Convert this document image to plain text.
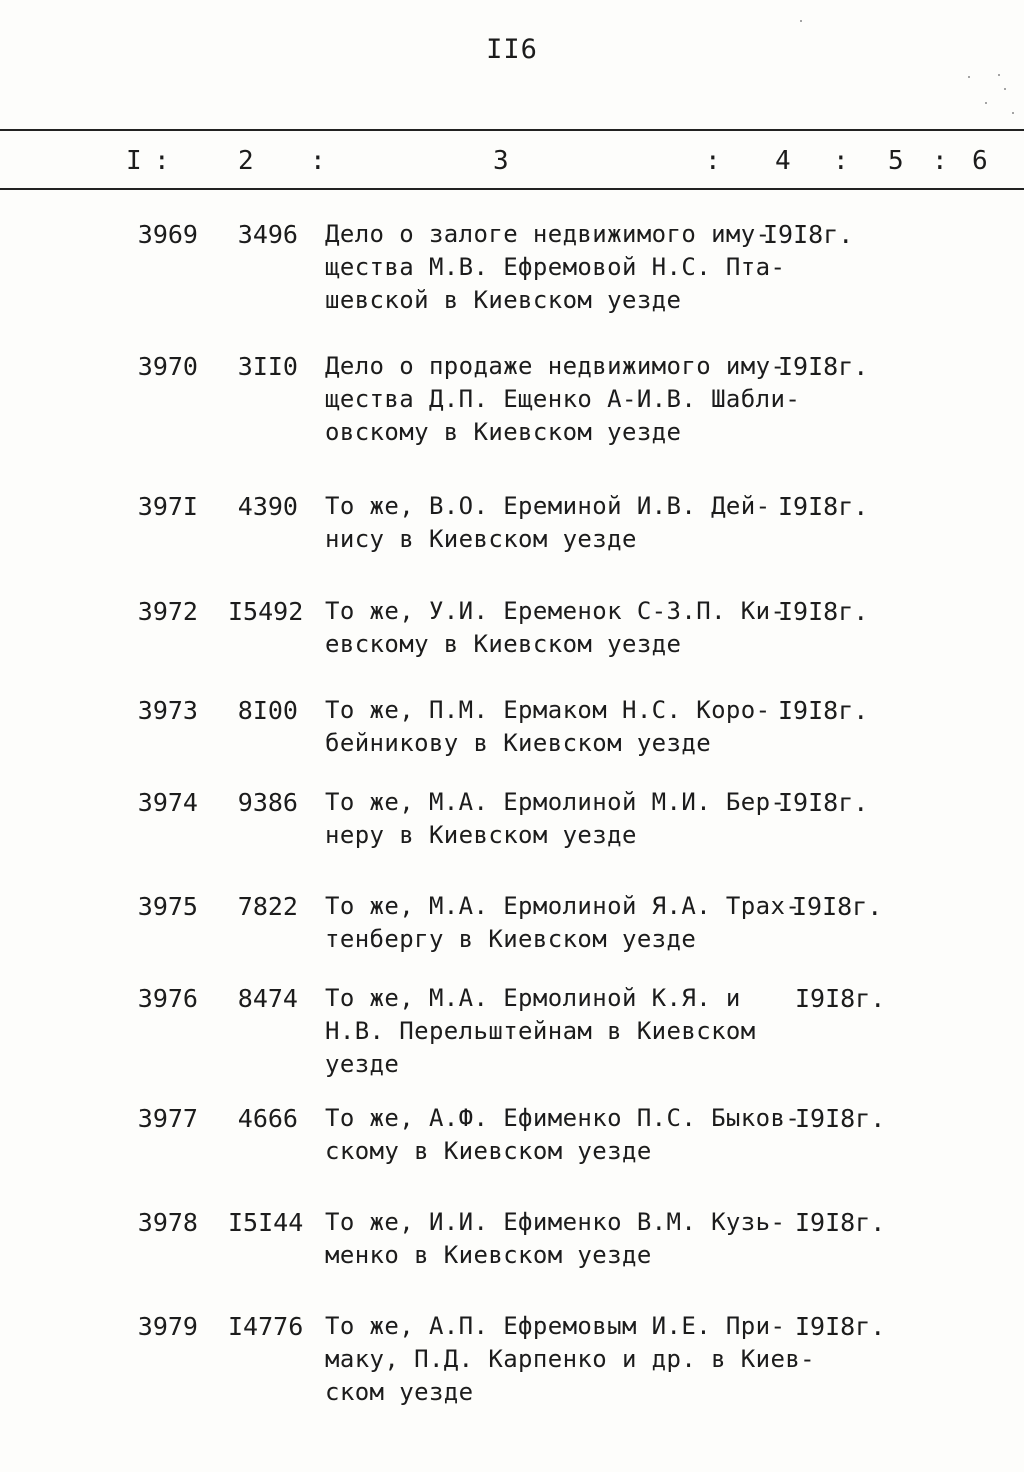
II6
I :	2 :	3	: 4 : 5 : 6
3969	3496 Дело о залоге недвижимого иму-
щества М.В. Ефремовой Н.С. Пта-
шевской в Киевском уезде
I9I8г.
3970	3II0 Дело о продаже недвижимого иму-
щества Д.П. Ещенко А-И.В. Шабли-
овскому в Киевском уезде
I9I8г.
397I	4390 То же, В.О. Ереминой И.В. Дей-
нису в Киевском уезде
I9I8г.
3972 I5492 То же, У.И. Еременок С-З.П. Ки-
евскому в Киевском уезде
I9I8г.
3973	8I00 То же, П.М. Ермаком Н.С. Коро-
бейникову в Киевском уезде
I9I8г.
3974	9386 То же, М.А. Ермолиной М.И. Бер-
неру в Киевском уезде
I9I8г.
3975	7822 То же, М.А. Ермолиной Я.А. Трах-
тенбергу в Киевском уезде
I9I8г.
3976	8474 То же, М.А. Ермолиной К.Я. и
Н.В. Перельштейнам в Киевском
уезде
I9I8г.
3977	4666 То же, А.Ф. Ефименко П.С. Быков-
скому в Киевском уезде
I9I8г.
3978 I5I44 То же, И.И. Ефименко В.М. Кузь-
менко в Киевском уезде
I9I8г.
3979 I4776 То же, А.П. Ефремовым И.Е. При-
маку, П.Д. Карпенко и др. в Киев-
ском уезде
I9I8г.
